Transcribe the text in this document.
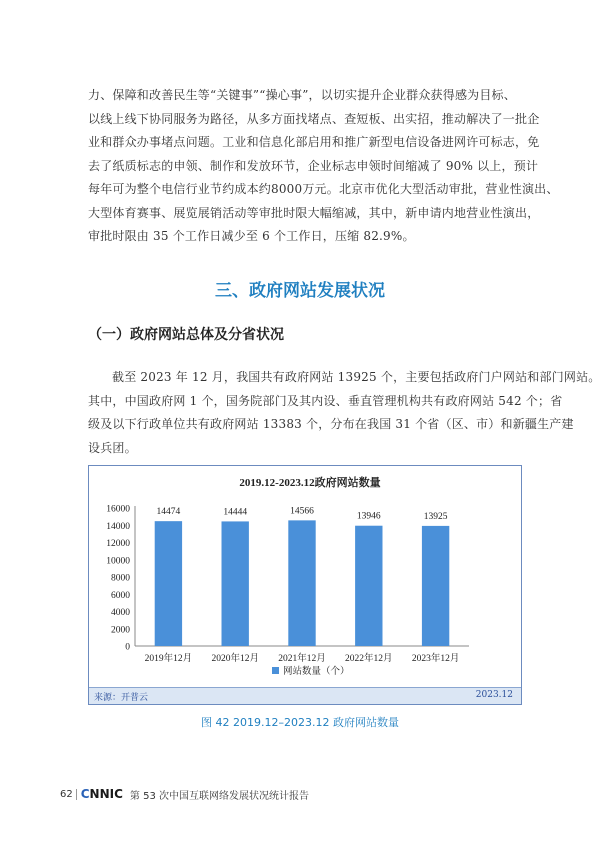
力、保障和改善民生等“关键事”“操心事”，以切实提升企业群众获得感为目标、
以线上线下协同服务为路径，从多方面找堵点、查短板、出实招，推动解决了一批企
业和群众办事堵点问题。工业和信息化部启用和推广新型电信设备进网许可标志，免
去了纸质标志的申领、制作和发放环节，企业标志申领时间缩减了 90% 以上，预计
每年可为整个电信行业节约成本约8000万元。北京市优化大型活动审批，营业性演出、
大型体育赛事、展览展销活动等审批时限大幅缩减，其中，新申请内地营业性演出，
审批时限由 35 个工作日减少至 6 个工作日，压缩 82.9%。
三、政府网站发展状况
（一）政府网站总体及分省状况
截至 2023 年 12 月，我国共有政府网站 13925 个，主要包括政府门户网站和部门网站。
其中，中国政府网 1 个，国务院部门及其内设、垂直管理机构共有政府网站 542 个；省
级及以下行政单位共有政府网站 13383 个，分布在我国 31 个省（区、市）和新疆生产建
设兵团。
2019.12-2023.12政府网站数量
0
2000
4000
6000
8000
10000
12000
14000
16000	14474
2019年12月
14444
2020年12月
14566
2021年12月
13946
2022年12月
13925
2023年12月
网站数量（个）
来源：开普云	2023.12

图 42 2019.12–2023.12 政府网站数量

62 CNNIC 第 53 次中国互联网络发展状况统计报告
